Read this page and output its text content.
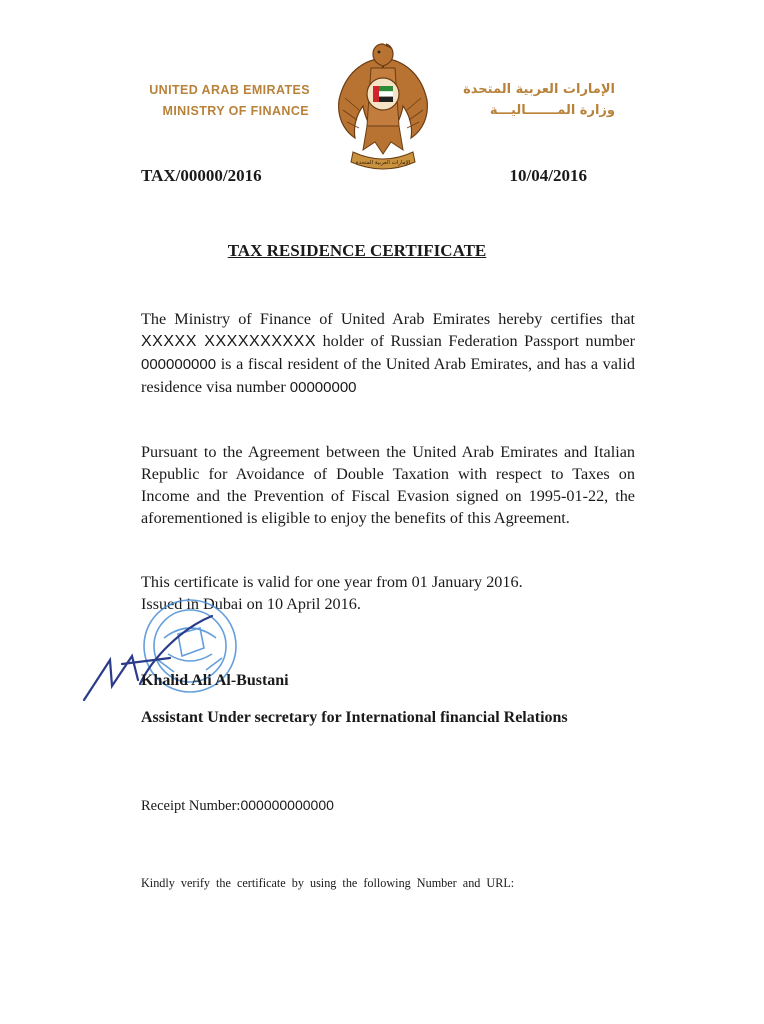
UNITED ARAB EMIRATES
MINISTRY OF FINANCE
الإمارات العربية المتحدة
الإمارات العربية المتحدة
وزارة المـــــــاليـــة
TAX/00000/2016	10/04/2016
TAX RESIDENCE CERTIFICATE
The Ministry of Finance of United Arab Emirates hereby certifies that XXXXX XXXXXXXXXX holder of Russian Federation Passport number 000000000 is a fiscal resident of the United Arab Emirates, and has a valid residence visa number 00000000
Pursuant to the Agreement between the United Arab Emirates and Italian Republic for Avoidance of Double Taxation with respect to Taxes on Income and the Prevention of Fiscal Evasion signed on 1995-01-22, the aforementioned is eligible to enjoy the benefits of this Agreement.
This certificate is valid for one year from 01 January 2016.
Issued in Dubai on 10 April 2016.
Khalid Ali Al-Bustani
Assistant Under secretary for International financial Relations
Receipt Number:000000000000
Kindly verify the certificate by using the following Number and URL:
